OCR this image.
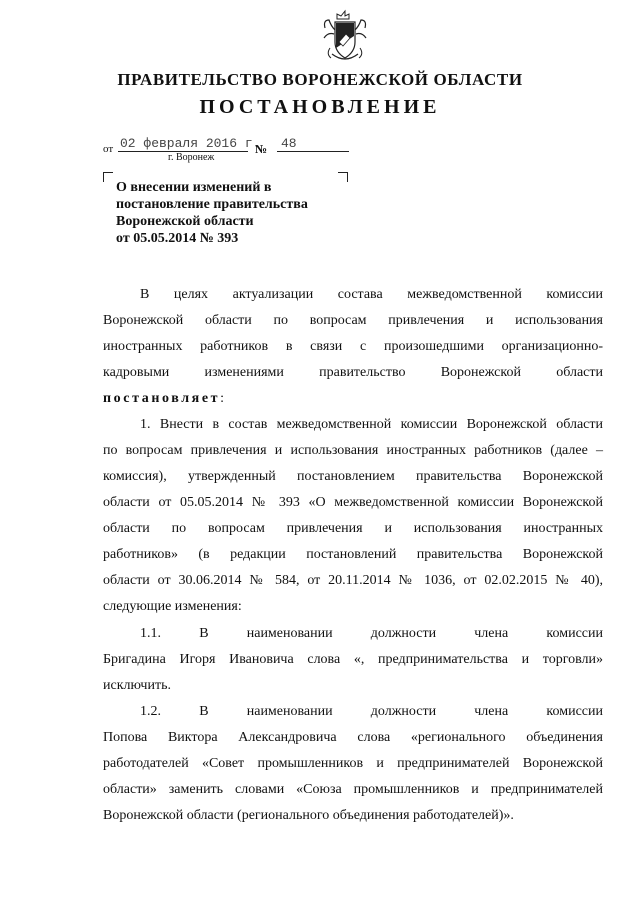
ПРАВИТЕЛЬСТВО ВОРОНЕЖСКОЙ ОБЛАСТИ
ПОСТАНОВЛЕНИЕ
от 02 февраля 2016 г.
№ 48
г. Воронеж
О внесении изменений в
постановление правительства
Воронежской области
от 05.05.2014 № 393
В целях актуализации состава межведомственной комиссии
Воронежской области по вопросам привлечения и использования
иностранных работников в связи с произошедшими организационно-
кадровыми изменениями правительство Воронежской области
постановляет:
1. Внести в состав межведомственной комиссии Воронежской области
по вопросам привлечения и использования иностранных работников (далее –
комиссия), утвержденный постановлением правительства Воронежской
области от 05.05.2014 № 393 «О межведомственной комиссии Воронежской
области по вопросам привлечения и использования иностранных
работников» (в редакции постановлений правительства Воронежской
области от 30.06.2014 № 584, от 20.11.2014 № 1036, от 02.02.2015 № 40),
следующие изменения:
1.1. В наименовании должности члена комиссии
Бригадина Игоря Ивановича слова «, предпринимательства и торговли»
исключить.
1.2. В наименовании должности члена комиссии
Попова Виктора Александровича слова «регионального объединения
работодателей «Совет промышленников и предпринимателей Воронежской
области» заменить словами «Союза промышленников и предпринимателей
Воронежской области (регионального объединения работодателей)».
